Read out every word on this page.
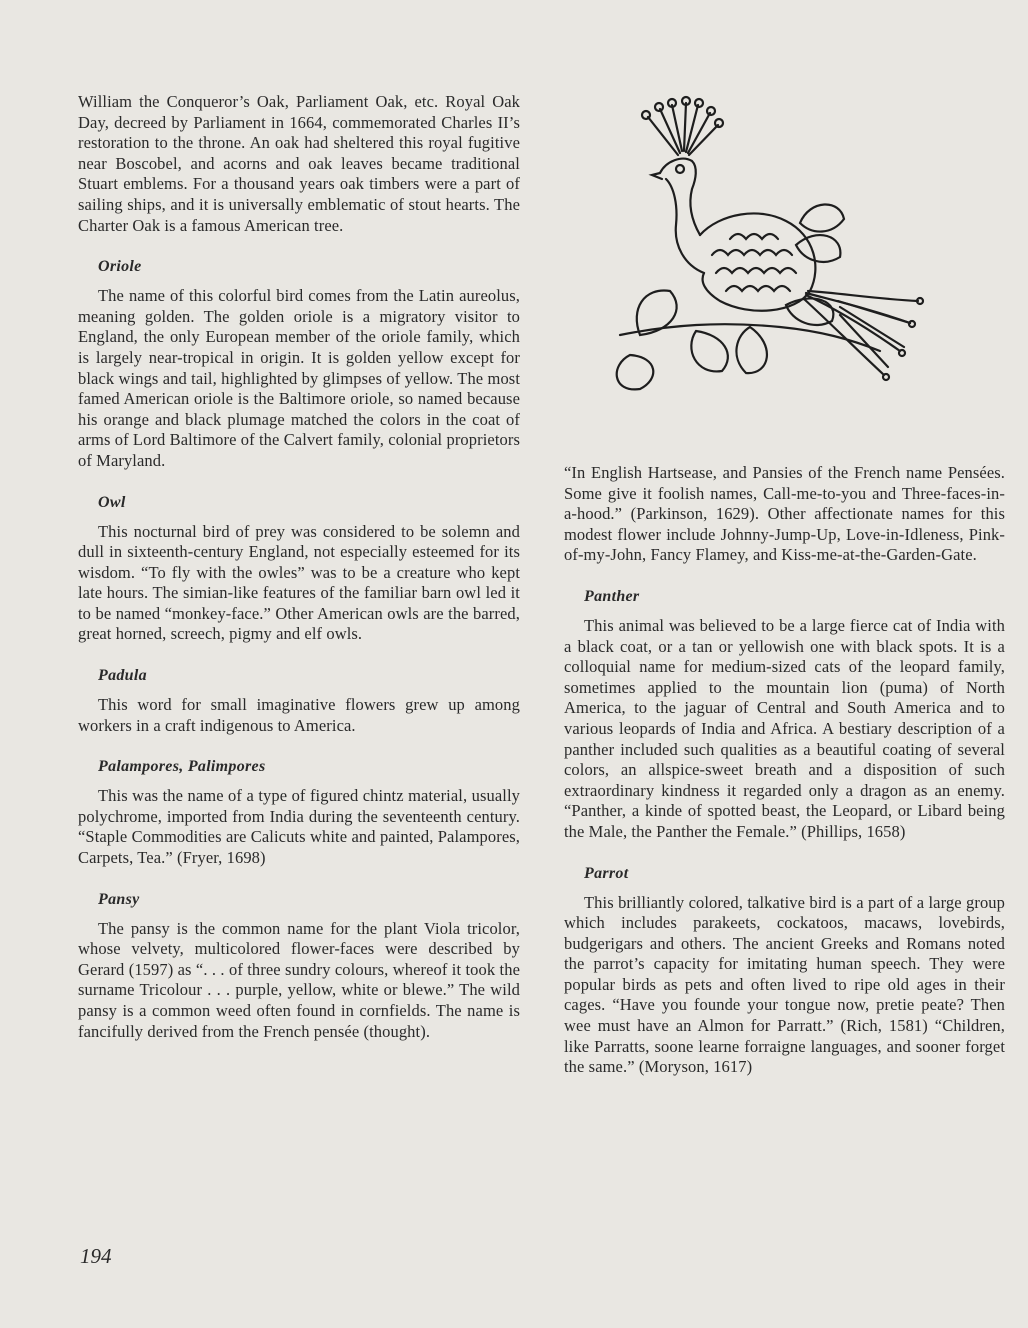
William the Conqueror’s Oak, Parliament Oak, etc. Royal Oak Day, decreed by Parliament in 1664, commemorated Charles II’s restoration to the throne. An oak had sheltered this royal fugitive near Boscobel, and acorns and oak leaves became traditional Stuart emblems. For a thousand years oak timbers were a part of sailing ships, and it is universally emblematic of stout hearts. The Charter Oak is a famous American tree.

Oriole

The name of this colorful bird comes from the Latin aureolus, meaning golden. The golden oriole is a migratory visitor to England, the only European member of the oriole family, which is largely near-tropical in origin. It is golden yellow except for black wings and tail, highlighted by glimpses of yellow. The most famed American oriole is the Baltimore oriole, so named because his orange and black plumage matched the colors in the coat of arms of Lord Baltimore of the Calvert family, colonial proprietors of Maryland.

Owl

This nocturnal bird of prey was considered to be solemn and dull in sixteenth-century England, not especially esteemed for its wisdom. “To fly with the owles” was to be a creature who kept late hours. The simian-like features of the familiar barn owl led it to be named “monkey-face.” Other American owls are the barred, great horned, screech, pigmy and elf owls.

Padula

This word for small imaginative flowers grew up among workers in a craft indigenous to America.

Palampores, Palimpores

This was the name of a type of figured chintz material, usually polychrome, imported from India during the seventeenth century. “Staple Commodities are Calicuts white and painted, Palampores, Carpets, Tea.” (Fryer, 1698)

Pansy

The pansy is the common name for the plant Viola tricolor, whose velvety, multicolored flower-faces were described by Gerard (1597) as “. . . of three sundry colours, whereof it took the surname Tricolour . . . purple, yellow, white or blewe.” The wild pansy is a common weed often found in cornfields. The name is fancifully derived from the French pensée (thought).

“In English Hartsease, and Pansies of the French name Pensées. Some give it foolish names, Call-me-to-you and Three-faces-in-a-hood.” (Parkinson, 1629). Other affectionate names for this modest flower include Johnny-Jump-Up, Love-in-Idleness, Pink-of-my-John, Fancy Flamey, and Kiss-me-at-the-Garden-Gate.

Panther

This animal was believed to be a large fierce cat of India with a black coat, or a tan or yellowish one with black spots. It is a colloquial name for medium-sized cats of the leopard family, sometimes applied to the mountain lion (puma) of North America, to the jaguar of Central and South America and to various leopards of India and Africa. A bestiary description of a panther included such qualities as a beautiful coating of several colors, an allspice-sweet breath and a disposition of such extraordinary kindness it regarded only a dragon as an enemy. “Panther, a kinde of spotted beast, the Leopard, or Libard being the Male, the Panther the Female.” (Phillips, 1658)

Parrot

This brilliantly colored, talkative bird is a part of a large group which includes parakeets, cockatoos, macaws, lovebirds, budgerigars and others. The ancient Greeks and Romans noted the parrot’s capacity for imitating human speech. They were popular birds as pets and often lived to ripe old ages in their cages. “Have you founde your tongue now, pretie peate? Then wee must have an Almon for Parratt.” (Rich, 1581) “Children, like Parratts, soone learne forraigne languages, and sooner forget the same.” (Moryson, 1617)

194
